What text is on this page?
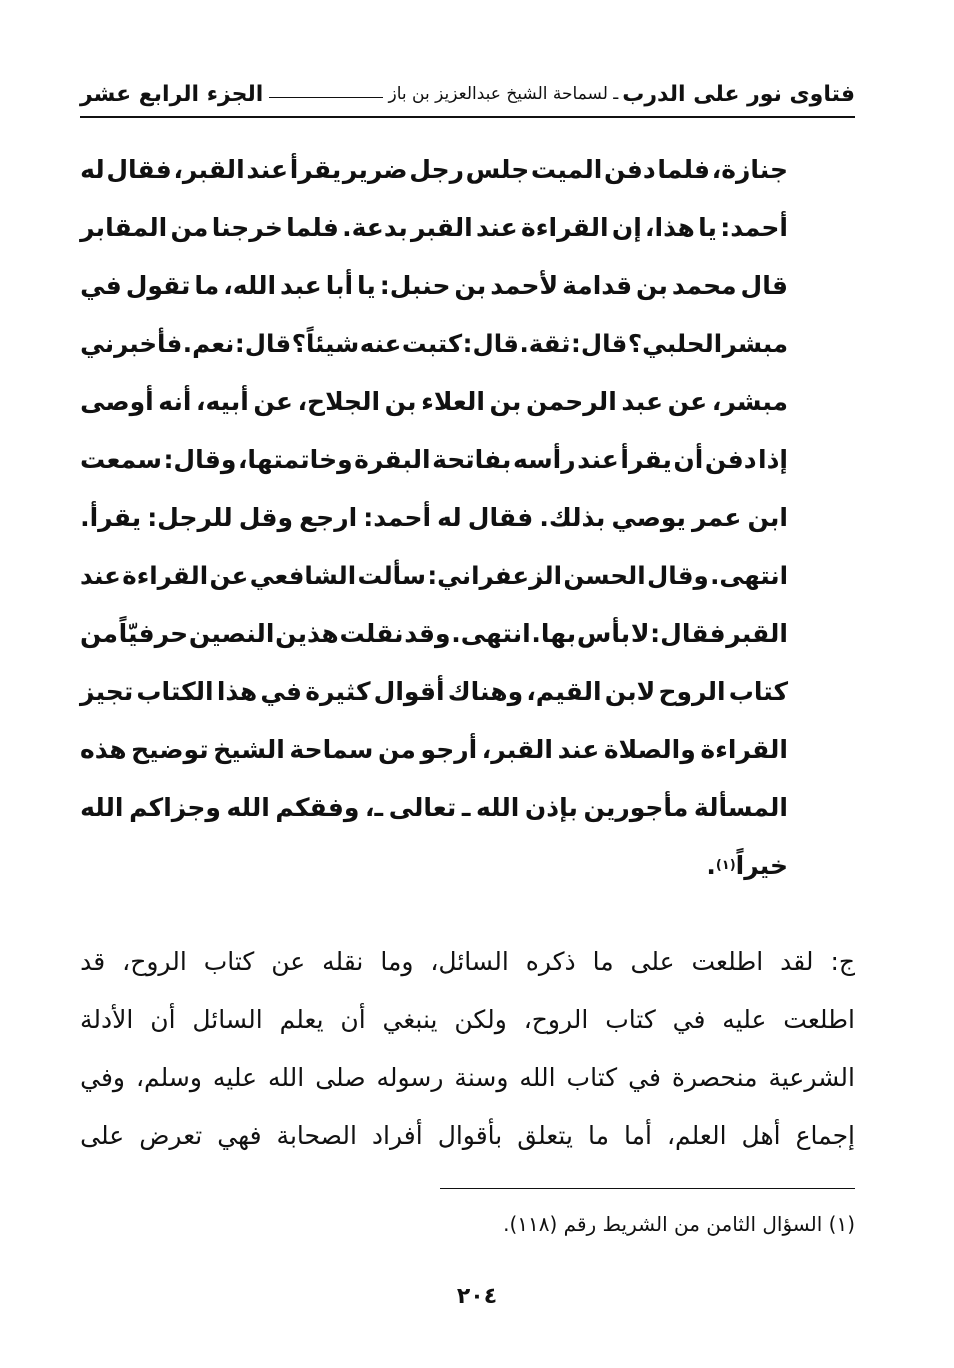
فتاوى نور على الدرب
ـ لسماحة الشيخ عبدالعزيز بن باز
الجزء الرابع عشر
جنازة،
فلما
دفن
الميت
جلس
رجل
ضرير
يقرأ
عند
القبر،
فقال
له
أحمد:
يا
هذا،
إن
القراءة
عند
القبر
بدعة.
فلما
خرجنا
من
المقابر
قال
محمد
بن
قدامة
لأحمد
بن
حنبل:
يا
أبا
عبد
الله،
ما
تقول
في
مبشر
الحلبي؟
قال:
ثقة.
قال:
كتبت
عنه
شيئاً؟
قال:
نعم.
فأخبرني
مبشر،
عن
عبد
الرحمن
بن
العلاء
بن
الجلاح،
عن
أبيه،
أنه
أوصى
إذا
دفن
أن
يقرأ
عند
رأسه
بفاتحة
البقرة
وخاتمتها،
وقال:
سمعت
ابن
عمر
يوصي
بذلك.
فقال
له
أحمد:
ارجع
وقل
للرجل:
يقرأ.
انتهى.
وقال
الحسن
الزعفراني:
سألت
الشافعي
عن
القراءة
عند
القبر
فقال:
لا
بأس
بها.
انتهى.
وقد
نقلت
هذين
النصين
حرفيّاً
من
كتاب
الروح
لابن
القيم،
وهناك
أقوال
كثيرة
في
هذا
الكتاب
تجيز
القراءة
والصلاة
عند
القبر،
أرجو
من
سماحة
الشيخ
توضيح
هذه
المسألة
مأجورين
بإذن
الله
ـ
تعالى
ـ،
وفقكم
الله
وجزاكم
الله
خيراً
(١)
.
ج:
لقد
اطلعت
على
ما
ذكره
السائل،
وما
نقله
عن
كتاب
الروح،
قد
اطلعت
عليه
في
كتاب
الروح،
ولكن
ينبغي
أن
يعلم
السائل
أن
الأدلة
الشرعية
منحصرة
في
كتاب
الله
وسنة
رسوله
صلى
الله
عليه
وسلم،
وفي
إجماع
أهل
العلم،
أما
ما
يتعلق
بأقوال
أفراد
الصحابة
فهي
تعرض
على
(١) السؤال الثامن من الشريط رقم (١١٨).
٢٠٤
